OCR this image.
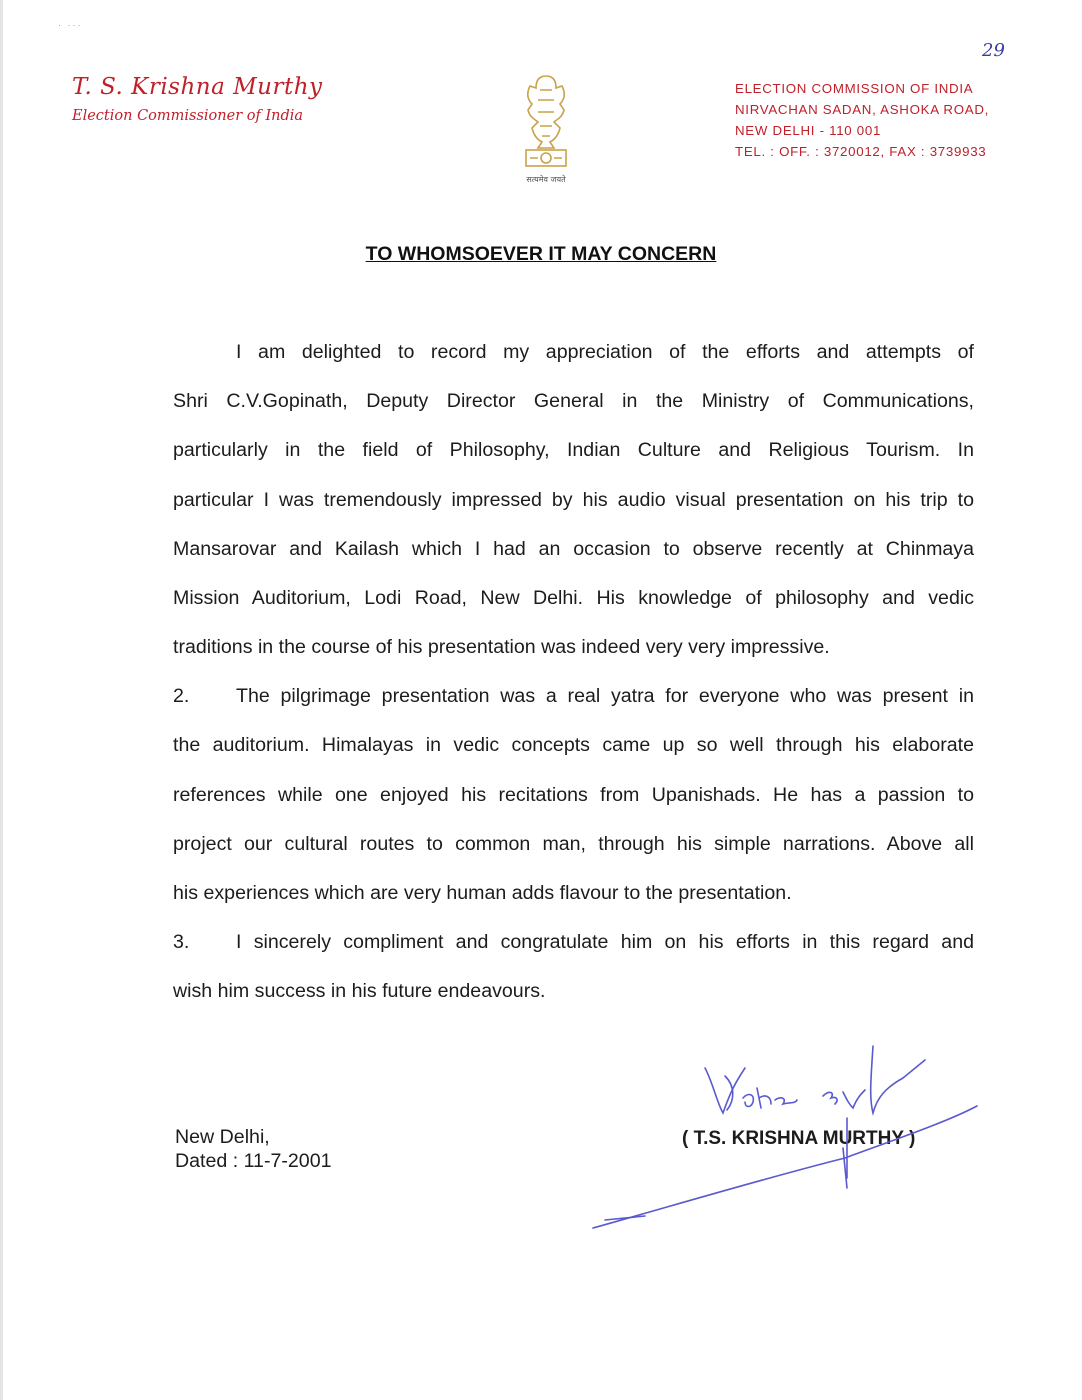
· ···
29
T. S. Krishna Murthy
Election Commissioner of India
सत्यमेव जयते
ELECTION COMMISSION OF INDIA
NIRVACHAN SADAN, ASHOKA ROAD,
NEW DELHI - 110 001
TEL. : OFF. : 3720012, FAX : 3739933
TO WHOMSOEVER IT MAY CONCERN
I am delighted to record my appreciation of the efforts and attempts of
Shri C.V.Gopinath, Deputy Director General in the Ministry of Communications,
particularly in the field of Philosophy, Indian Culture and Religious Tourism. In
particular I was tremendously impressed by his audio visual presentation on his trip to
Mansarovar and Kailash which I had an occasion to observe recently at Chinmaya
Mission Auditorium, Lodi Road, New Delhi. His knowledge of philosophy and vedic
traditions in the course of his presentation was indeed very very impressive.
2.	The pilgrimage presentation was a real yatra for everyone who was present in
the auditorium. Himalayas in vedic concepts came up so well through his elaborate
references while one enjoyed his recitations from Upanishads. He has a passion to
project our cultural routes to common man, through his simple narrations. Above all
his experiences which are very human adds flavour to the presentation.
3.	I sincerely compliment and congratulate him on his efforts in this regard and
wish him success in his future endeavours.
New Delhi,
Dated : 11-7-2001
( T.S. KRISHNA MURTHY )
